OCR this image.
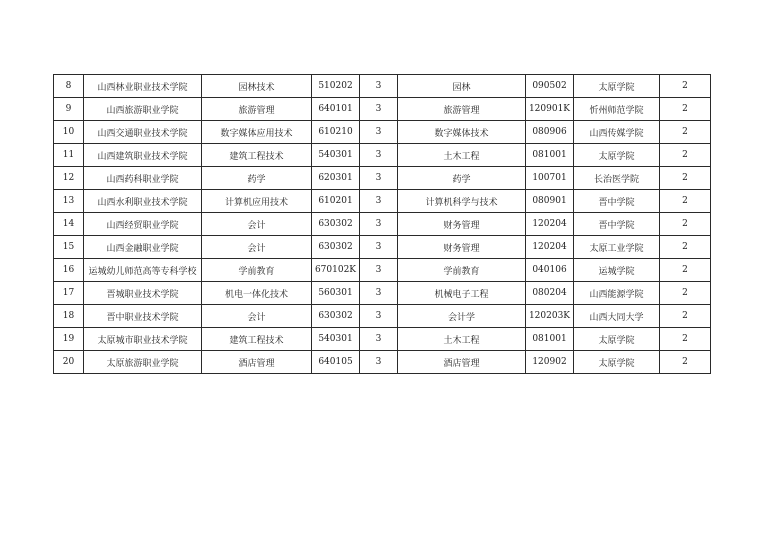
8	山西林业职业技术学院	园林技术	510202	3	园林	090502	太原学院	2
9	山西旅游职业学院	旅游管理	640101	3	旅游管理	120901K	忻州师范学院	2
10	山西交通职业技术学院	数字媒体应用技术	610210	3	数字媒体技术	080906	山西传媒学院	2
11	山西建筑职业技术学院	建筑工程技术	540301	3	土木工程	081001	太原学院	2
12	山西药科职业学院	药学	620301	3	药学	100701	长治医学院	2
13	山西水利职业技术学院	计算机应用技术	610201	3	计算机科学与技术	080901	晋中学院	2
14	山西经贸职业学院	会计	630302	3	财务管理	120204	晋中学院	2
15	山西金融职业学院	会计	630302	3	财务管理	120204	太原工业学院	2
16	运城幼儿师范高等专科学校	学前教育	670102K	3	学前教育	040106	运城学院	2
17	晋城职业技术学院	机电一体化技术	560301	3	机械电子工程	080204	山西能源学院	2
18	晋中职业技术学院	会计	630302	3	会计学	120203K	山西大同大学	2
19	太原城市职业技术学院	建筑工程技术	540301	3	土木工程	081001	太原学院	2
20	太原旅游职业学院	酒店管理	640105	3	酒店管理	120902	太原学院	2
